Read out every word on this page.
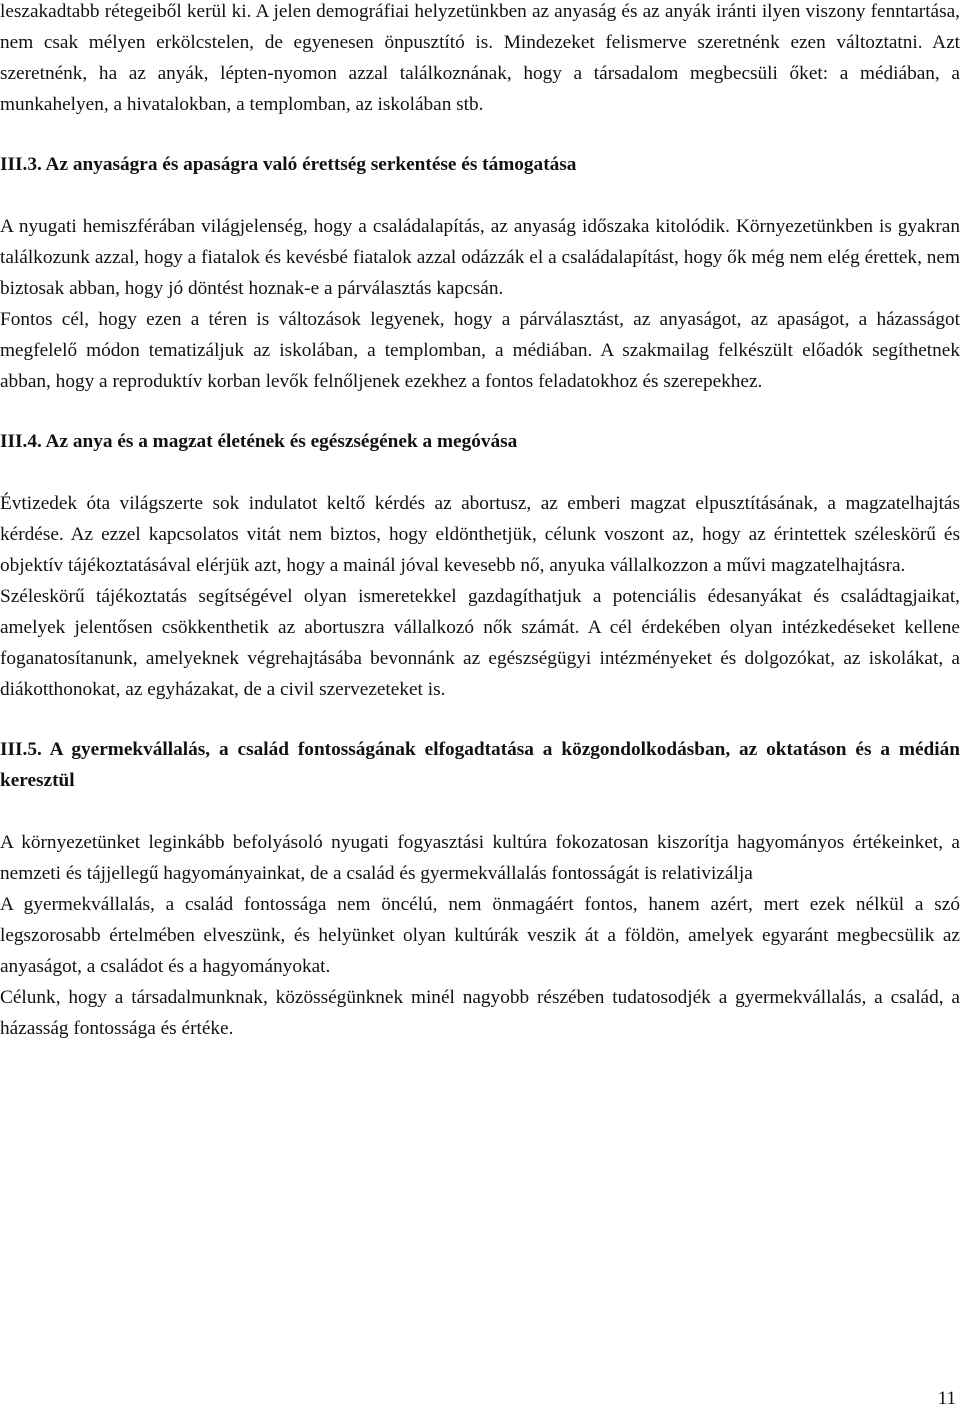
leszakadtabb rétegeiből kerül ki. A jelen demográfiai helyzetünkben az anyaság és az anyák iránti ilyen viszony fenntartása, nem csak mélyen erkölcstelen, de egyenesen önpusztító is. Mindezeket felismerve szeretnénk ezen változtatni. Azt szeretnénk, ha az anyák, lépten-nyomon azzal találkoznának, hogy a társadalom megbecsüli őket: a médiában, a munkahelyen, a hivatalokban, a templomban, az iskolában stb.

III.3. Az anyaságra és apaságra való érettség serkentése és támogatása

A nyugati hemiszférában világjelenség, hogy a családalapítás, az anyaság időszaka kitolódik. Környezetünkben is gyakran találkozunk azzal, hogy a fiatalok és kevésbé fiatalok azzal odázzák el a családalapítást, hogy ők még nem elég érettek, nem biztosak abban, hogy jó döntést hoznak-e a párválasztás kapcsán.

Fontos cél, hogy ezen a téren is változások legyenek, hogy a párválasztást, az anyaságot, az apaságot, a házasságot megfelelő módon tematizáljuk az iskolában, a templomban, a médiában. A szakmailag felkészült előadók segíthetnek abban, hogy a reproduktív korban levők felnőljenek ezekhez a fontos feladatokhoz és szerepekhez.

III.4. Az anya és a magzat életének és egészségének a megóvása

Évtizedek óta világszerte sok indulatot keltő kérdés az abortusz, az emberi magzat elpusztításának, a magzatelhajtás kérdése. Az ezzel kapcsolatos vitát nem biztos, hogy eldönthetjük, célunk voszont az, hogy az érintettek széleskörű és objektív tájékoztatásával elérjük azt, hogy a mainál jóval kevesebb nő, anyuka vállalkozzon a művi magzatelhajtásra.

Széleskörű tájékoztatás segítségével olyan ismeretekkel gazdagíthatjuk a potenciális édesanyákat és családtagjaikat, amelyek jelentősen csökkenthetik az abortuszra vállalkozó nők számát. A cél érdekében olyan intézkedéseket kellene foganatosítanunk, amelyeknek végrehajtásába bevonnánk az egészségügyi intézményeket és dolgozókat, az iskolákat, a diákotthonokat, az egyházakat, de a civil szervezeteket is.

III.5. A gyermekvállalás, a család fontosságának elfogadtatása a közgondolkodásban, az oktatáson és a médián keresztül

A környezetünket leginkább befolyásoló nyugati fogyasztási kultúra fokozatosan kiszorítja hagyományos értékeinket, a nemzeti és tájjellegű hagyományainkat, de a család és gyermekvállalás fontosságát is relativizálja

A gyermekvállalás, a család fontossága nem öncélú, nem önmagáért fontos, hanem azért, mert ezek nélkül a szó legszorosabb értelmében elveszünk, és helyünket olyan kultúrák veszik át a földön, amelyek egyaránt megbecsülik az anyaságot, a családot és a hagyományokat.

Célunk, hogy a társadalmunknak, közösségünknek minél nagyobb részében tudatosodjék a gyermekvállalás, a család, a házasság fontossága és értéke.

11
